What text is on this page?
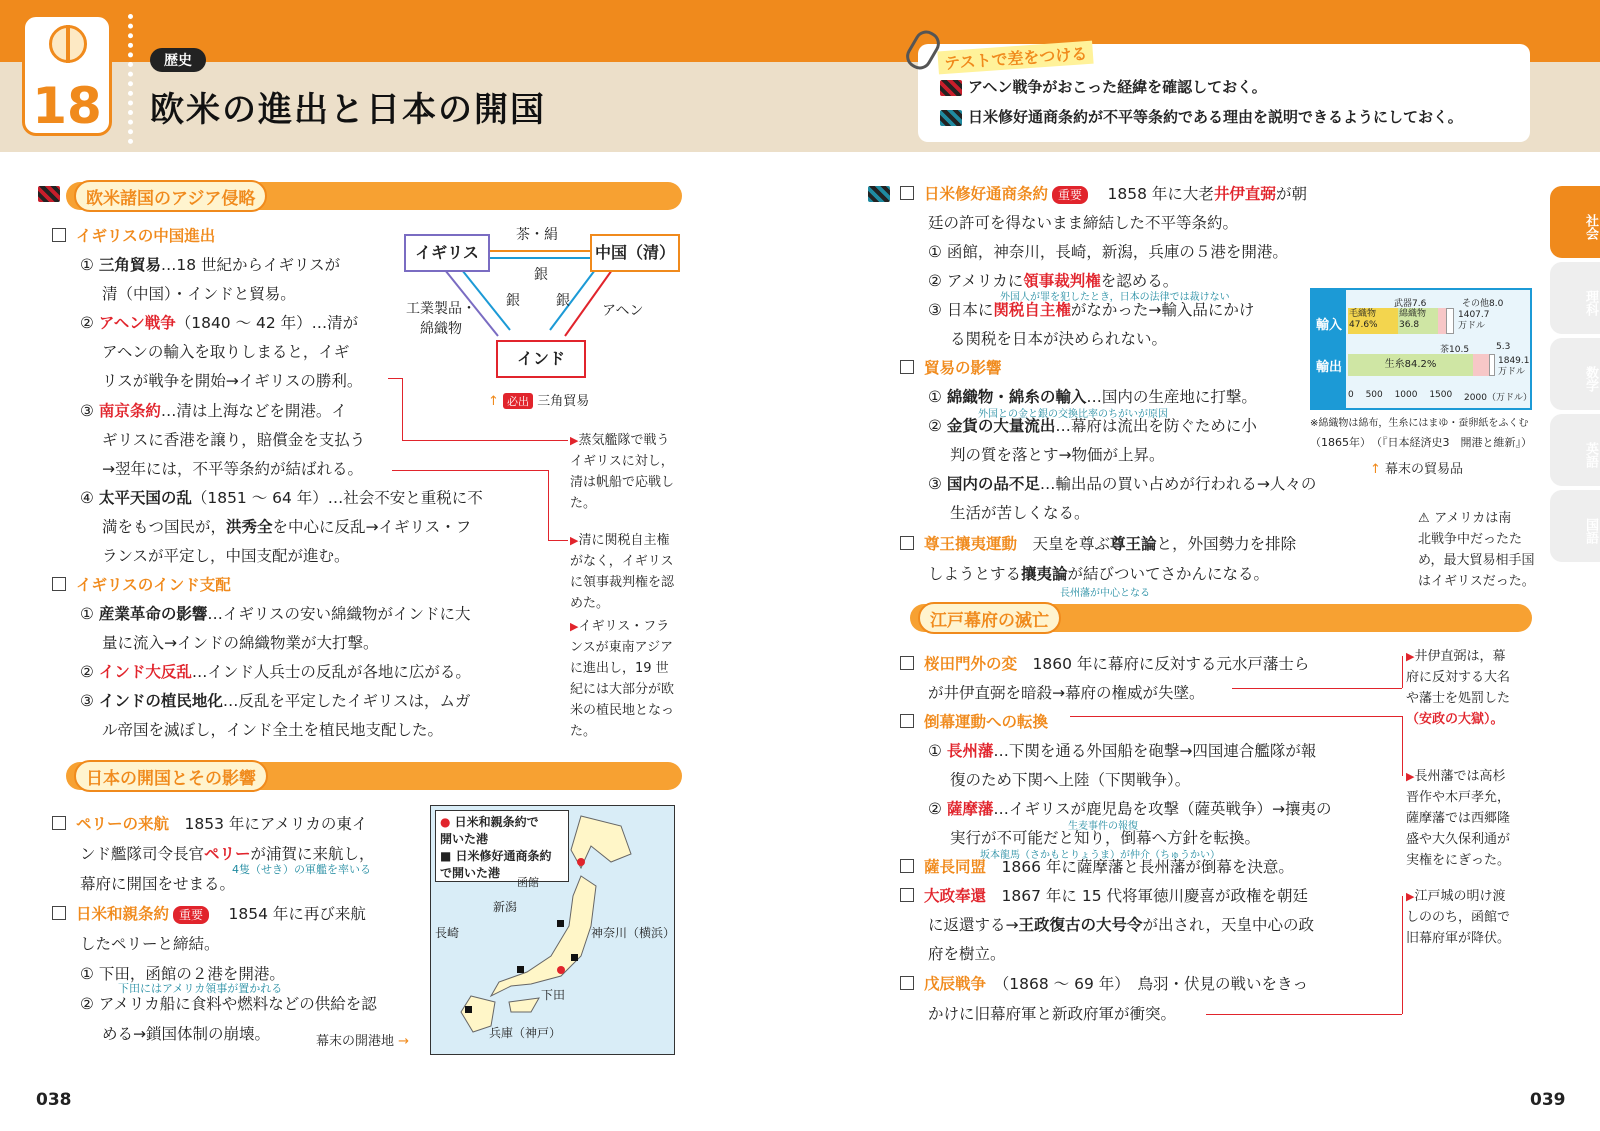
18
歴史
欧米の進出と日本の開国
テストで差をつける
アヘン戦争がおこった経緯を確認しておく。
日米修好通商条約が不平等条約である理由を説明できるようにしておく。
社会
理科
数学
英語
国語
欧米諸国のアジア侵略
イギリスの中国進出
① 三角貿易…18 世紀からイギリスが
清（中国）・インドと貿易。
② アヘン戦争（1840 ～ 42 年）…清が
アヘンの輸入を取りしまると，イギ
リスが戦争を開始→イギリスの勝利。
③ 南京条約…清は上海などを開港。イ
ギリスに香港を譲り，賠償金を支払う
→翌年には，不平等条約が結ばれる。
④ 太平天国の乱（1851 ～ 64 年）…社会不安と重税に不
満をもつ国民が，洪秀全を中心に反乱→イギリス・フ
ランスが平定し，中国支配が進む。
イギリスのインド支配
① 産業革命の影響…イギリスの安い綿織物がインドに大
量に流入→インドの綿織物業が大打撃。
② インド大反乱…インド人兵士の反乱が各地に広がる。
③ インドの植民地化…反乱を平定したイギリスは，ムガ
ル帝国を滅ぼし，インド全土を植民地支配した。
イギリス	中国（清）
インド
茶・絹
銀
銀	銀
工業製品・
綿織物
アヘン
↑ 必出 三角貿易
▶蒸気艦隊で戦う
イギリスに対し，
清は帆船で応戦し
た。
▶清に関税自主権
がなく，イギリス
に領事裁判権を認
めた。
▶イギリス・フラ
ンスが東南アジア
に進出し，19 世
紀には大部分が欧
米の植民地となっ
た。
日本の開国とその影響
ペリーの来航　 1853 年にアメリカの東イ
ンド艦隊司令長官ペリーが浦賀に来航し，
4隻（せき）の軍艦を率いる
幕府に開国をせまる。
日米和親条約 重要　 1854 年に再び来航
したペリーと締結。
① 下田，函館の２港を開港。
下田にはアメリカ領事が置かれる
② アメリカ船に食料や燃料などの供給を認
める→鎖国体制の崩壊。	幕末の開港地 →
● 日米和親条約で
開いた港
■ 日米修好通商条約
で開いた港
函館
新潟
長崎	神奈川（横浜）
下田
兵庫（神戸）
038
日米修好通商条約 重要　 1858 年に大老井伊直弼が朝
廷の許可を得ないまま締結した不平等条約。
① 函館，神奈川，長崎，新潟，兵庫の５港を開港。
② アメリカに領事裁判権を認める。
外国人が罪を犯したとき，日本の法律では裁けない
③ 日本に関税自主権がなかった→輸入品にかけ
る関税を日本が決められない。
貿易の影響
① 綿織物・綿糸の輸入…国内の生産地に打撃。
外国との金と銀の交換比率のちがいが原因
② 金貨の大量流出…幕府は流出を防ぐために小
判の質を落とす→物価が上昇。
③ 国内の品不足…輸出品の買い占めが行われる→人々の
生活が苦しくなる。
輸入
輸出
毛織物
47.6%
綿織物
36.8
武器7.6	その他8.0
1407.7
万ドル
生糸84.2%
茶10.5	5.3
1849.1
万ドル
0 500 1000 1500 2000（万ドル）
※綿織物は綿布，生糸にはまゆ・蚕卵紙をふくむ
（1865年）　（『日本経済史3　開港と維新』）
↑ 幕末の貿易品
⚠ アメリカは南
北戦争中だったた
め，最大貿易相手国
はイギリスだった。
尊王攘夷運動　 天皇を尊ぶ尊王論と，外国勢力を排除
しようとする攘夷論が結びついてさかんになる。
長州藩が中心となる
江戸幕府の滅亡
桜田門外の変　 1860 年に幕府に反対する元水戸藩士ら
が井伊直弼を暗殺→幕府の権威が失墜。
倒幕運動への転換
① 長州藩…下関を通る外国船を砲撃→四国連合艦隊が報
復のため下関へ上陸（下関戦争）。
② 薩摩藩…イギリスが鹿児島を攻撃（薩英戦争）→攘夷の
生麦事件の報復
実行が不可能だと知り，倒幕へ方針を転換。
坂本龍馬（さかもとりょうま）が仲介（ちゅうかい）
薩長同盟　 1866 年に薩摩藩と長州藩が倒幕を決意。
大政奉還　 1867 年に 15 代将軍徳川慶喜が政権を朝廷
に返還する→王政復古の大号令が出され，天皇中心の政
府を樹立。
戊辰戦争　 （1868 ～ 69 年）　鳥羽・伏見の戦いをきっ
かけに旧幕府軍と新政府軍が衝突。
▶井伊直弼は，幕
府に反対する大名
や藩士を処罰した
（安政の大獄）。
▶長州藩では高杉
晋作や木戸孝允，
薩摩藩では西郷隆
盛や大久保利通が
実権をにぎった。
▶江戸城の明け渡
しののち，函館で
旧幕府軍が降伏。
039
